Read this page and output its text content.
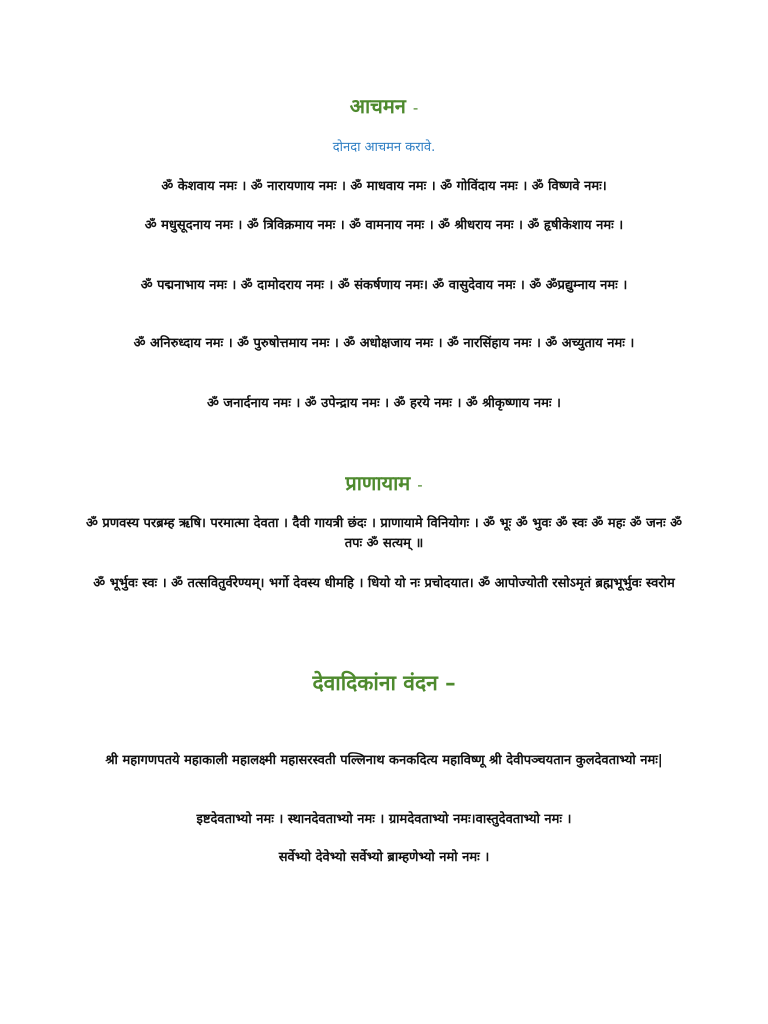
आचमन -
दोनदा आचमन करावे.
ॐ केशवाय नमः । ॐ नारायणाय नमः । ॐ माधवाय नमः । ॐ गोविंदाय नमः । ॐ विष्णवे नमः।
ॐ मधुसूदनाय नमः । ॐ त्रिविक्रमाय नमः । ॐ वामनाय नमः । ॐ श्रीधराय नमः । ॐ हृषीकेशाय नमः ।
ॐ पद्मनाभाय नमः । ॐ दामोदराय नमः । ॐ संकर्षणाय नमः। ॐ वासुदेवाय नमः । ॐ ॐप्रद्युम्नाय नमः ।
ॐ अनिरुध्दाय नमः । ॐ पुरुषोत्तमाय नमः । ॐ अधोक्षजाय नमः । ॐ नारसिंहाय नमः । ॐ अच्युताय नमः ।
ॐ जनार्दनाय नमः । ॐ उपेन्द्राय नमः । ॐ हरये नमः । ॐ श्रीकृष्णाय नमः ।
प्राणायाम -
ॐ प्रणवस्य परब्रम्ह ऋषि। परमात्मा देवता । दैवी गायत्री छंदः । प्राणायामे विनियोगः । ॐ भूः ॐ भुवः ॐ स्वः ॐ महः ॐ जनः ॐ तपः ॐ सत्यम् ॥
ॐ भूर्भुवः स्वः । ॐ तत्सवितुर्वरेण्यम्। भर्गो देवस्य धीमहि । धियो यो नः प्रचोदयात। ॐ आपोज्योती रसोऽमृतं ब्रह्मभूर्भुवः स्वरोम
देवादिकांना वंदन –
श्री महागणपतये महाकाली महालक्ष्मी महासरस्वती पल्लिनाथ कनकदित्य महाविष्णू श्री देवीपञ्चयतान कुलदेवताभ्यो नमः|
इष्टदेवताभ्यो नमः । स्थानदेवताभ्यो नमः । ग्रामदेवताभ्यो नमः।वास्तुदेवताभ्यो नमः ।
सर्वेभ्यो देवेभ्यो सर्वेभ्यो ब्राम्हणेभ्यो नमो नमः ।
